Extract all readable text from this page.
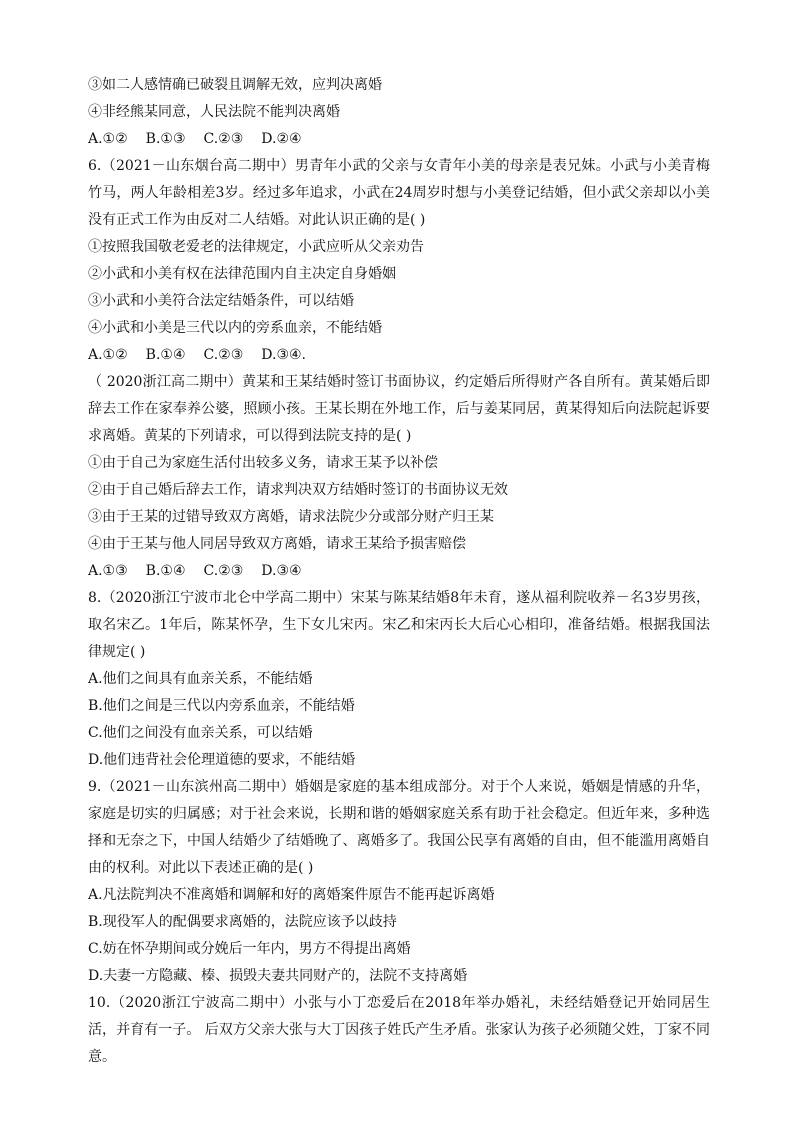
③如二人感情确已破裂且调解无效，应判决离婚
④非经熊某同意，人民法院不能判决离婚
A.①② B.①③ C.②③ D.②④
6.（2021－山东烟台高二期中）男青年小武的父亲与女青年小美的母亲是表兄妹。小武与小美青梅竹马，两人年龄相差3岁。经过多年追求，小武在24周岁时想与小美登记结婚，但小武父亲却以小美没有正式工作为由反对二人结婚。对此认识正确的是( )
①按照我国敬老爱老的法律规定，小武应听从父亲劝告
②小武和小美有权在法律范围内自主决定自身婚姻
③小武和小美符合法定结婚条件，可以结婚
④小武和小美是三代以内的旁系血亲，不能结婚
A.①② B.①④ C.②③ D.③④.
（ 2020浙江高二期中）黄某和王某结婚时签订书面协议，约定婚后所得财产各自所有。黄某婚后即辞去工作在家奉养公婆，照顾小孩。王某长期在外地工作，后与姜某同居，黄某得知后向法院起诉要求离婚。黄某的下列请求，可以得到法院支持的是( )
①由于自己为家庭生活付出较多义务，请求王某予以补偿
②由于自己婚后辞去工作，请求判决双方结婚时签订的书面协议无效
③由于王某的过错导致双方离婚，请求法院少分或部分财产归王某
④由于王某与他人同居导致双方离婚，请求王某给予损害赔偿
A.①③ B.①④ C.②③ D.③④
8.（2020浙江宁波市北仑中学高二期中）宋某与陈某结婚8年未育，遂从福利院收养－名3岁男孩，取名宋乙。1年后，陈某怀孕，生下女儿宋丙。宋乙和宋丙长大后心心相印，准备结婚。根据我国法律规定( )
A.他们之间具有血亲关系，不能结婚
B.他们之间是三代以内旁系血亲，不能结婚
C.他们之间没有血亲关系，可以结婚
D.他们违背社会伦理道德的要求，不能结婚
9.（2021－山东滨州高二期中）婚姻是家庭的基本组成部分。对于个人来说，婚姻是情感的升华，家庭是切实的归属感；对于社会来说，长期和谐的婚姻家庭关系有助于社会稳定。但近年来，多种选择和无奈之下，中国人结婚少了结婚晚了、离婚多了。我国公民享有离婚的自由，但不能滥用离婚自由的权利。对此以下表述正确的是( )
A.凡法院判决不准离婚和调解和好的离婚案件原告不能再起诉离婚
B.现役军人的配偶要求离婚的，法院应该予以歧持
C.妨在怀孕期间或分娩后一年内，男方不得提出离婚
D.夫妻一方隐藏、榛、损毁夫妻共同财产的，法院不支持离婚
10.（2020浙江宁波高二期中）小张与小丁恋爱后在2018年举办婚礼，未经结婚登记开始同居生活，并育有一子。 后双方父亲大张与大丁因孩子姓氏产生矛盾。张家认为孩子必须随父姓，丁家不同意。
